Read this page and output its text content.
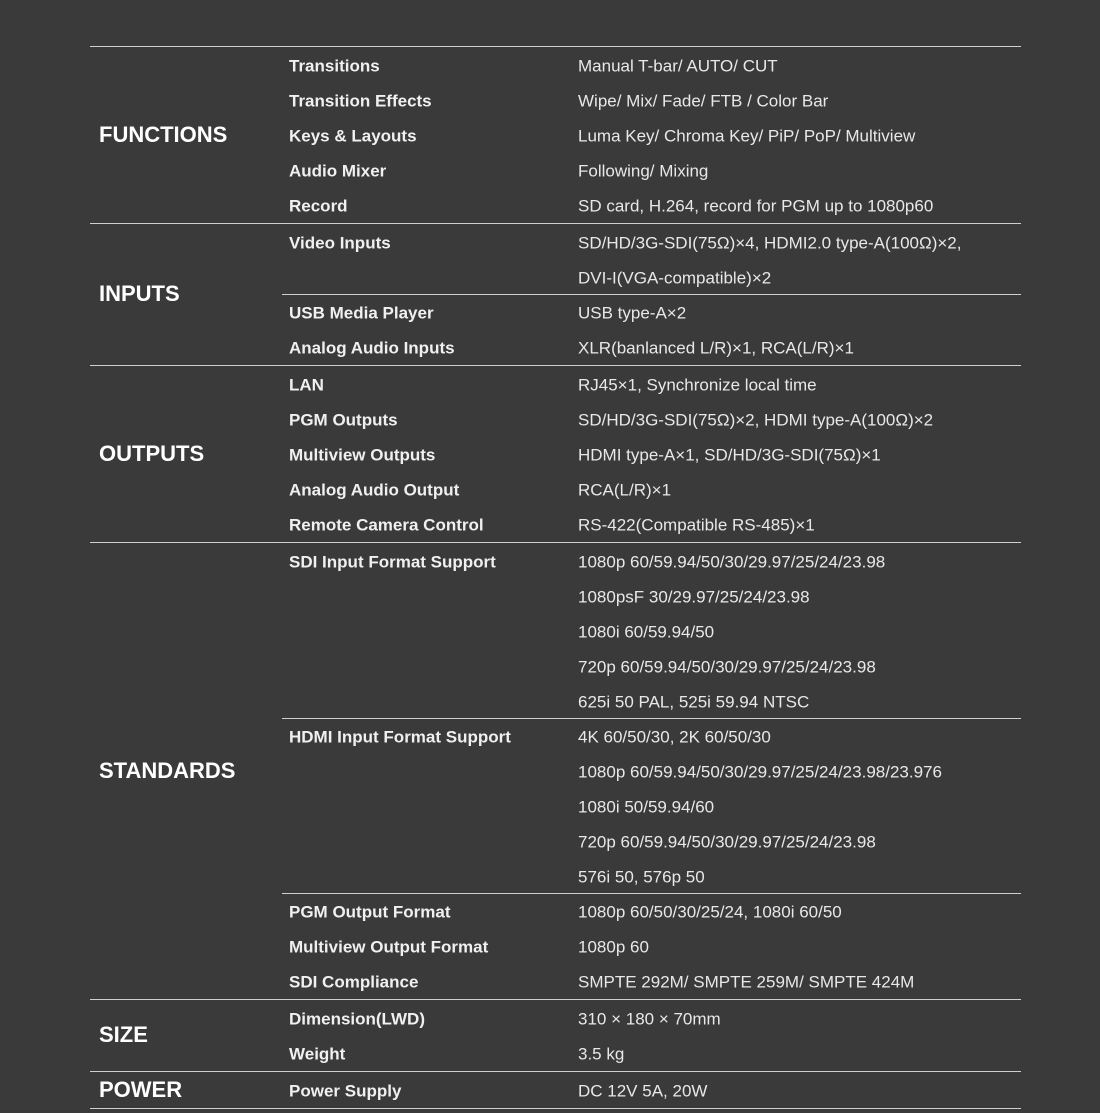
Transitions	Manual T-bar/ AUTO/ CUT
Transition Effects	Wipe/ Mix/ Fade/ FTB / Color Bar
Keys & Layouts	Luma Key/ Chroma Key/ PiP/ PoP/ Multiview
Audio Mixer	Following/ Mixing
Record	SD card, H.264, record for PGM up to 1080p60
FUNCTIONS
Video Inputs	SD/HD/3G-SDI(75Ω)×4, HDMI2.0 type-A(100Ω)×2,
DVI-I(VGA-compatible)×2
USB Media Player	USB type-A×2
Analog Audio Inputs	XLR(banlanced L/R)×1, RCA(L/R)×1
INPUTS
LAN	RJ45×1, Synchronize local time
PGM Outputs	SD/HD/3G-SDI(75Ω)×2, HDMI type-A(100Ω)×2
Multiview Outputs	HDMI type-A×1, SD/HD/3G-SDI(75Ω)×1
Analog Audio Output	RCA(L/R)×1
Remote Camera Control	RS-422(Compatible RS-485)×1
OUTPUTS
SDI Input Format Support	1080p 60/59.94/50/30/29.97/25/24/23.98
1080psF 30/29.97/25/24/23.98
1080i 60/59.94/50
720p 60/59.94/50/30/29.97/25/24/23.98
625i 50 PAL, 525i 59.94 NTSC
HDMI Input Format Support	4K 60/50/30, 2K 60/50/30
1080p 60/59.94/50/30/29.97/25/24/23.98/23.976
1080i 50/59.94/60
720p 60/59.94/50/30/29.97/25/24/23.98
576i 50, 576p 50
PGM Output Format	1080p 60/50/30/25/24, 1080i 60/50
Multiview Output Format	1080p 60
SDI Compliance	SMPTE 292M/ SMPTE 259M/ SMPTE 424M
STANDARDS
Dimension(LWD)	310 × 180 × 70mm
Weight	3.5 kg
SIZE
Power Supply	DC 12V 5A, 20W
POWER
